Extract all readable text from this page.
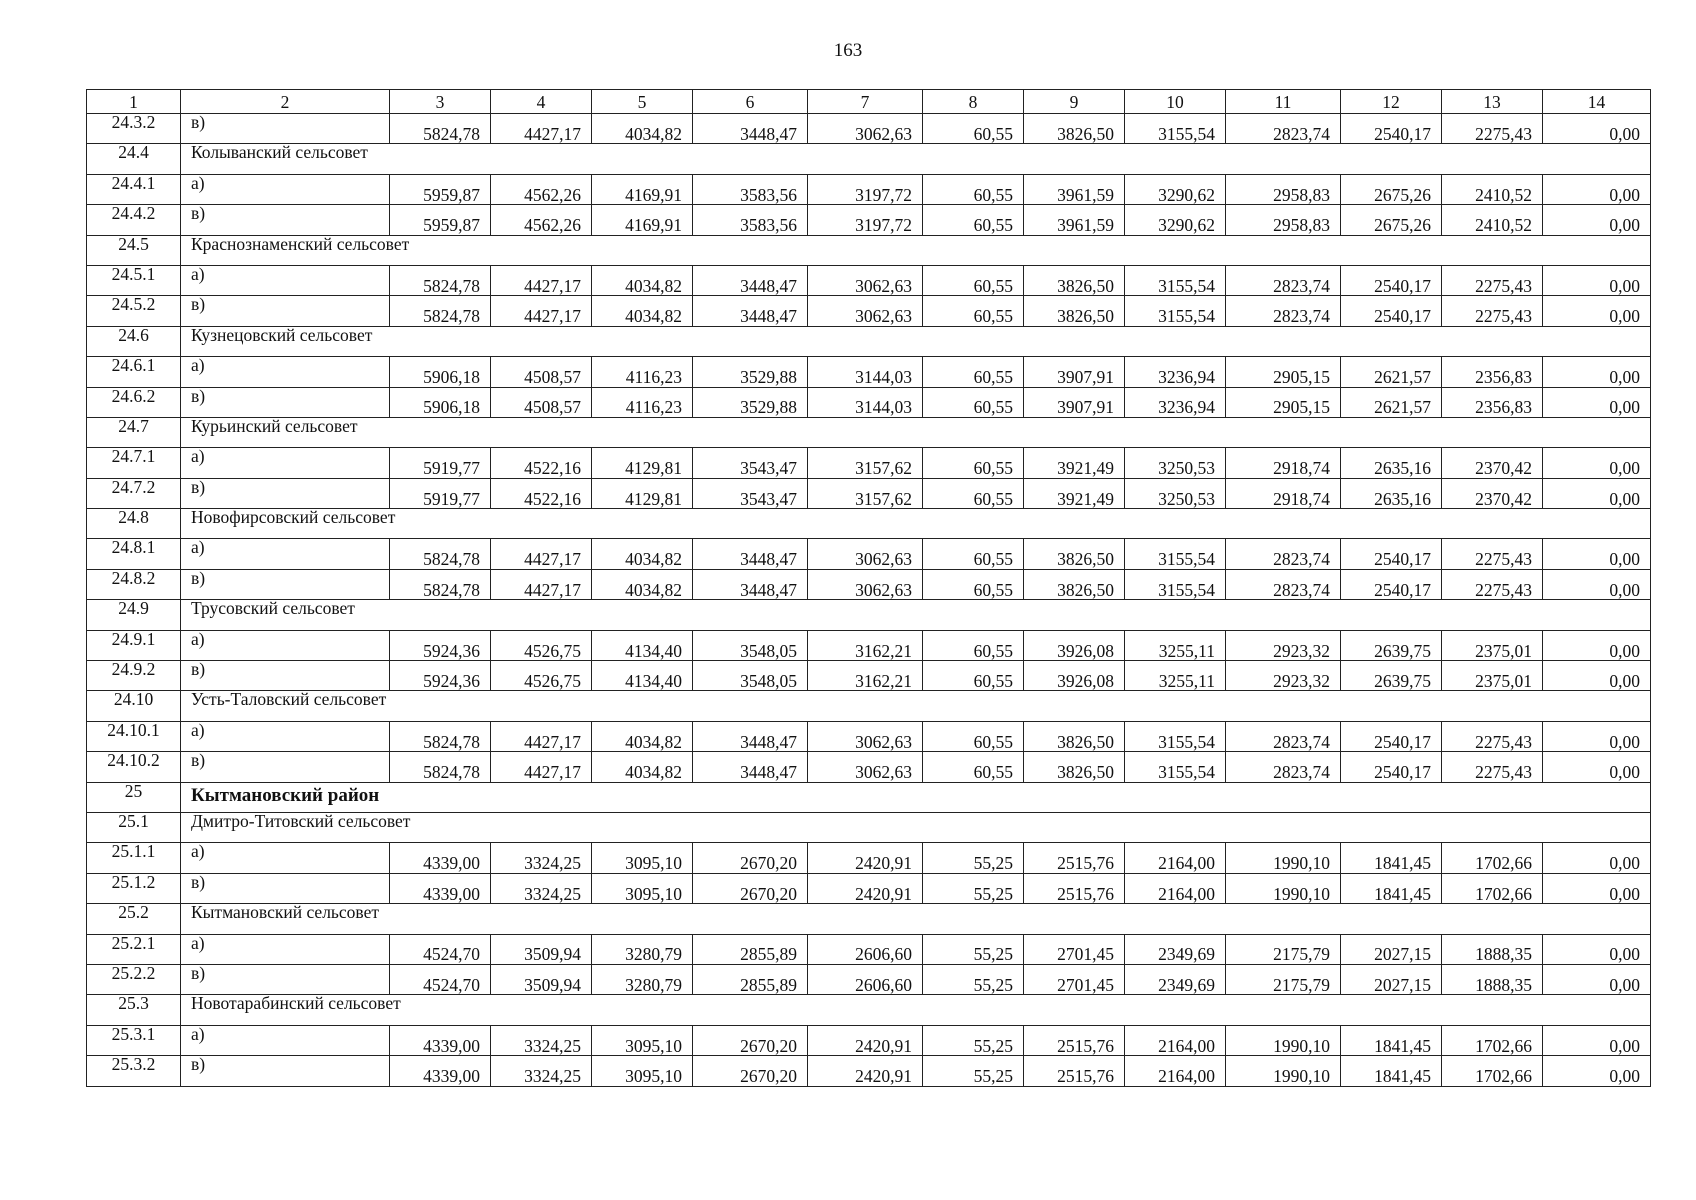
163
1	2	3	4	5	6	7	8	9	10	11	12	13	14
24.3.2	в)	5824,78	4427,17	4034,82	3448,47	3062,63	60,55	3826,50	3155,54	2823,74	2540,17	2275,43	0,00
24.4	Колыванский сельсовет												
24.4.1	а)	5959,87	4562,26	4169,91	3583,56	3197,72	60,55	3961,59	3290,62	2958,83	2675,26	2410,52	0,00
24.4.2	в)	5959,87	4562,26	4169,91	3583,56	3197,72	60,55	3961,59	3290,62	2958,83	2675,26	2410,52	0,00
24.5	Краснознаменский сельсовет												
24.5.1	а)	5824,78	4427,17	4034,82	3448,47	3062,63	60,55	3826,50	3155,54	2823,74	2540,17	2275,43	0,00
24.5.2	в)	5824,78	4427,17	4034,82	3448,47	3062,63	60,55	3826,50	3155,54	2823,74	2540,17	2275,43	0,00
24.6	Кузнецовский сельсовет												
24.6.1	а)	5906,18	4508,57	4116,23	3529,88	3144,03	60,55	3907,91	3236,94	2905,15	2621,57	2356,83	0,00
24.6.2	в)	5906,18	4508,57	4116,23	3529,88	3144,03	60,55	3907,91	3236,94	2905,15	2621,57	2356,83	0,00
24.7	Курьинский сельсовет												
24.7.1	а)	5919,77	4522,16	4129,81	3543,47	3157,62	60,55	3921,49	3250,53	2918,74	2635,16	2370,42	0,00
24.7.2	в)	5919,77	4522,16	4129,81	3543,47	3157,62	60,55	3921,49	3250,53	2918,74	2635,16	2370,42	0,00
24.8	Новофирсовский сельсовет												
24.8.1	а)	5824,78	4427,17	4034,82	3448,47	3062,63	60,55	3826,50	3155,54	2823,74	2540,17	2275,43	0,00
24.8.2	в)	5824,78	4427,17	4034,82	3448,47	3062,63	60,55	3826,50	3155,54	2823,74	2540,17	2275,43	0,00
24.9	Трусовский сельсовет												
24.9.1	а)	5924,36	4526,75	4134,40	3548,05	3162,21	60,55	3926,08	3255,11	2923,32	2639,75	2375,01	0,00
24.9.2	в)	5924,36	4526,75	4134,40	3548,05	3162,21	60,55	3926,08	3255,11	2923,32	2639,75	2375,01	0,00
24.10	Усть-Таловский сельсовет												
24.10.1	а)	5824,78	4427,17	4034,82	3448,47	3062,63	60,55	3826,50	3155,54	2823,74	2540,17	2275,43	0,00
24.10.2	в)	5824,78	4427,17	4034,82	3448,47	3062,63	60,55	3826,50	3155,54	2823,74	2540,17	2275,43	0,00
25	Кытмановский район												
25.1	Дмитро-Титовский сельсовет												
25.1.1	а)	4339,00	3324,25	3095,10	2670,20	2420,91	55,25	2515,76	2164,00	1990,10	1841,45	1702,66	0,00
25.1.2	в)	4339,00	3324,25	3095,10	2670,20	2420,91	55,25	2515,76	2164,00	1990,10	1841,45	1702,66	0,00
25.2	Кытмановский сельсовет												
25.2.1	а)	4524,70	3509,94	3280,79	2855,89	2606,60	55,25	2701,45	2349,69	2175,79	2027,15	1888,35	0,00
25.2.2	в)	4524,70	3509,94	3280,79	2855,89	2606,60	55,25	2701,45	2349,69	2175,79	2027,15	1888,35	0,00
25.3	Новотарабинский сельсовет												
25.3.1	а)	4339,00	3324,25	3095,10	2670,20	2420,91	55,25	2515,76	2164,00	1990,10	1841,45	1702,66	0,00
25.3.2	в)	4339,00	3324,25	3095,10	2670,20	2420,91	55,25	2515,76	2164,00	1990,10	1841,45	1702,66	0,00
